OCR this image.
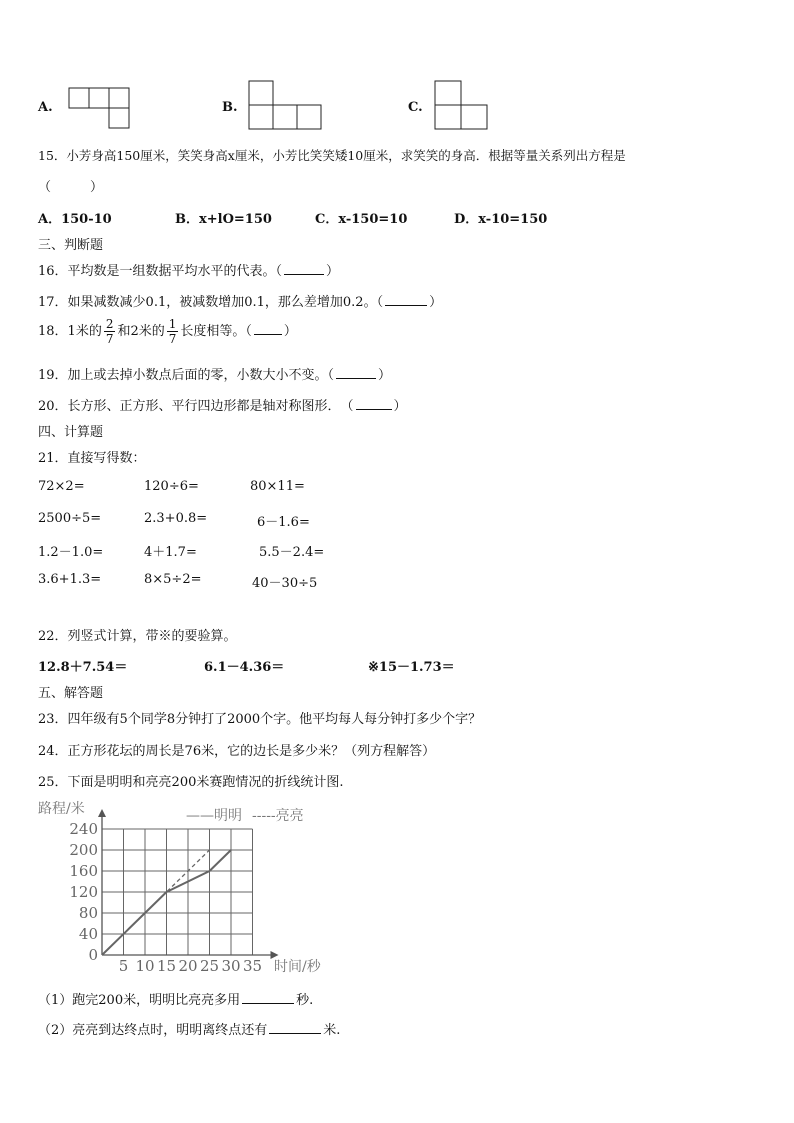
A.	B.	C.
15．小芳身高150厘米，笑笑身高x厘米，小芳比笑笑矮10厘米，求笑笑的身高．根据等量关系列出方程是
（　　　）
A．150-10	B．x+lO=150	C．x-150=10	D．x-10=150
三、判断题
16．平均数是一组数据平均水平的代表。（	）
17．如果减数减少0.1，被减数增加0.1，那么差增加0.2。（	）
18．1米的 $\frac{2}{7}$ 和2米的 $\frac{1}{7}$ 长度相等。（ ）
19．加上或去掉小数点后面的零，小数大小不变。（	）
20．长方形、正方形、平行四边形都是轴对称图形．　（	）
四、计算题
21．直接写得数：
72×2=	120÷6=	80×11=
2500÷5=	2.3+0.8=	6－1.6=
1.2－1.0=	4＋1.7=	5.5－2.4=
3.6+1.3=	8×5÷2=	40－30÷5
22．列竖式计算，带※的要验算。
12.8＋7.54＝	6.1－4.36＝	※15－1.73＝
五、解答题
23．四年级有5个同学8分钟打了2000个字。他平均每人每分钟打多少个字？
24．正方形花坛的周长是76米，它的边长是多少米？（列方程解答）
25．下面是明明和亮亮200米赛跑情况的折线统计图.
0
40
80
120
160
200
240
5 10 15 20 25 30 35
路程/米
时间/秒
——明明 -----亮亮
（1）跑完200米，明明比亮亮多用	秒.
（2）亮亮到达终点时，明明离终点还有	米.
